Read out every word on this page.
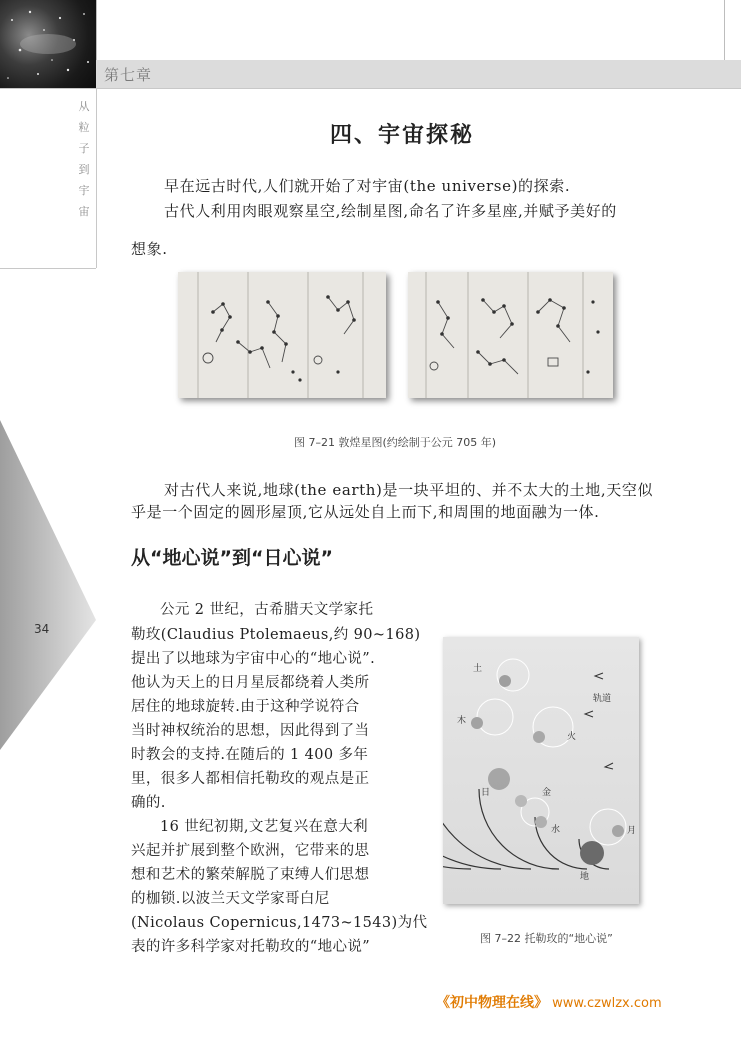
第七章
从
粒
子
到
宇
宙
34
四、宇宙探秘
早在远古时代,人们就开始了对宇宙(the universe)的探索.
古代人利用肉眼观察星空,绘制星图,命名了许多星座,并赋予美好的
想象.
图 7–21 敦煌星图(约绘制于公元 705 年)
对古代人来说,地球(the earth)是一块平坦的、并不太大的土地,天空似
乎是一个固定的圆形屋顶,它从远处自上而下,和周围的地面融为一体.
从“地心说”到“日心说”
公元 2 世纪，古希腊天文学家托
勒玫(Claudius Ptolemaeus,约 90~168)
提出了以地球为宇宙中心的“地心说”.
他认为天上的日月星辰都绕着人类所
居住的地球旋转.由于这种学说符合
当时神权统治的思想，因此得到了当
时教会的支持.在随后的 1 400 多年
里，很多人都相信托勒玫的观点是正
确的.
16 世纪初期,文艺复兴在意大利
兴起并扩展到整个欧洲，它带来的思
想和艺术的繁荣解脱了束缚人们思想
的枷锁.以波兰天文学家哥白尼
(Nicolaus Copernicus,1473~1543)为代
表的许多科学家对托勒玫的“地心说”
土
轨道
木
火
日	金
水	月
地
图 7–22 托勒玫的“地心说”
《初中物理在线》 www.czwlzx.com
